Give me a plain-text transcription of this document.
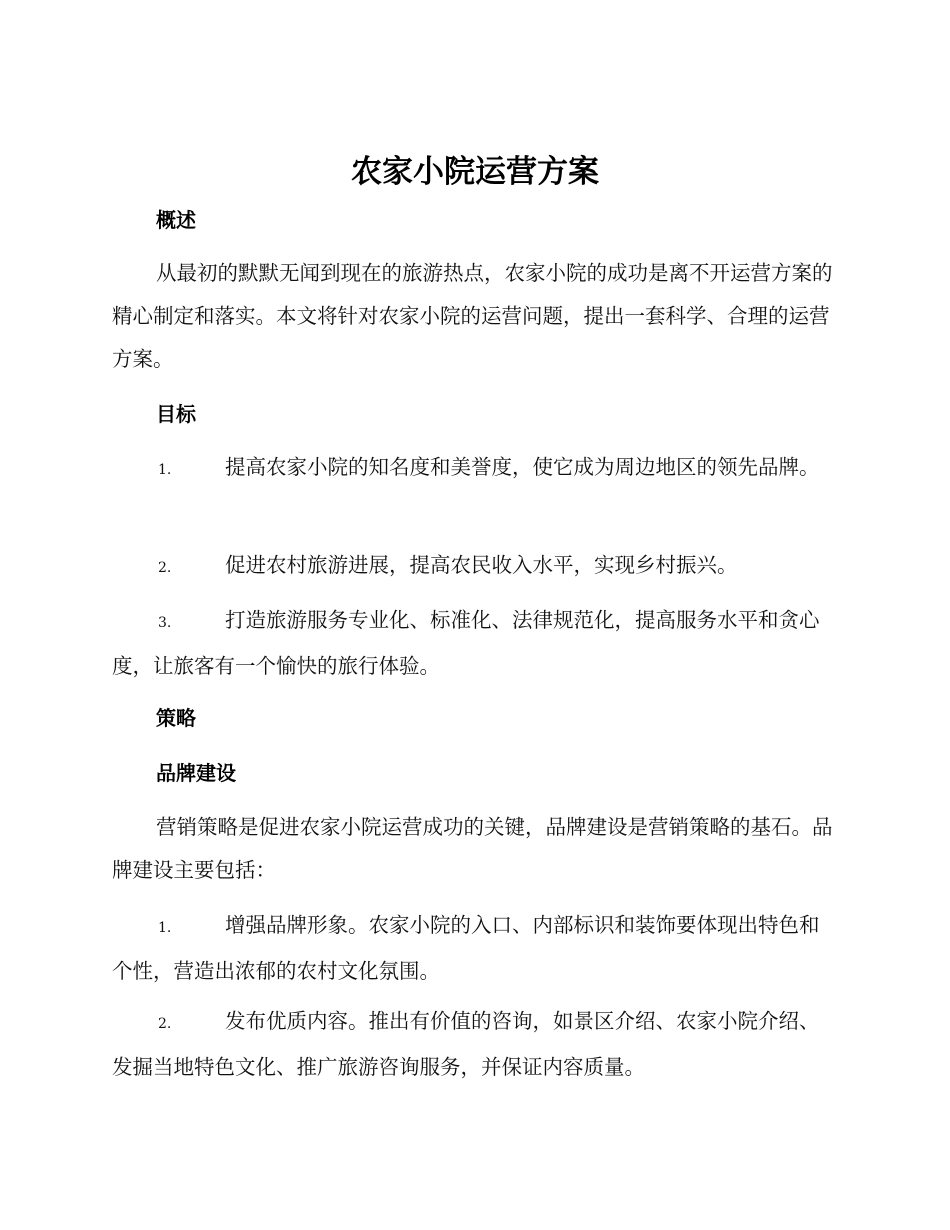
农家小院运营方案
概述

从最初的默默无闻到现在的旅游热点，农家小院的成功是离不开运营方案的精心制定和落实。本文将针对农家小院的运营问题，提出一套科学、合理的运营方案。

目标

1.	提高农家小院的知名度和美誉度，使它成为周边地区的领先品牌。

2.	促进农村旅游进展，提高农民收入水平，实现乡村振兴。

3.	打造旅游服务专业化、标准化、法律规范化，提高服务水平和贪心度，让旅客有一个愉快的旅行体验。

策略
品牌建设

营销策略是促进农家小院运营成功的关键，品牌建设是营销策略的基石。品牌建设主要包括：

1.	增强品牌形象。农家小院的入口、内部标识和装饰要体现出特色和个性，营造出浓郁的农村文化氛围。

2.	发布优质内容。推出有价值的咨询，如景区介绍、农家小院介绍、发掘当地特色文化、推广旅游咨询服务，并保证内容质量。
